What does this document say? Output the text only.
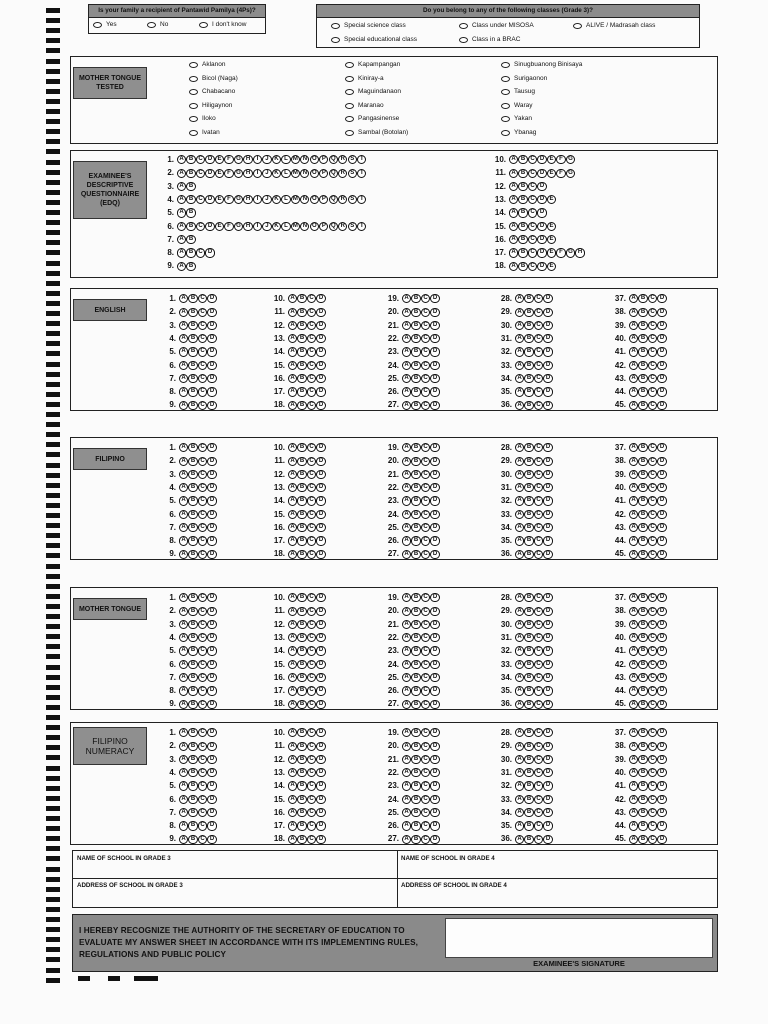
Is your family a recipient of Pantawid Pamilya (4Ps)?
Yes	No	I don't know
Do you belong to any of the following classes (Grade 3)?
Special science class	Class under MISOSA	ALIVE / Madrasah class
Special educational class	Class in a BRAC
MOTHER TONGUE TESTED
Aklanon
Bicol (Naga)
Chabacano
Hiligaynon
Iloko
Ivatan
Kapampangan
Kiniray-a
Maguindanaon
Maranao
Pangasinense
Sambal (Botolan)
Sinugbuanong Binisaya
Surigaonon
Tausug
Waray
Yakan
Ybanag
EXAMINEE'S DESCRIPTIVE QUESTIONNAIRE (EDQ)
1. A B C D E F G H I J K L M N O P Q R S T
2. A B C D E F G H I J K L M N O P Q R S T
3. A B
4. A B C D E F G H I J K L M N O P Q R S T
5. A B
6. A B C D E F G H I J K L M N O P Q R S T
7. A B
8. A B C D
9. A B
10. A B C D E F G
11. A B C D E F G
12. A B C D
13. A B C D E
14. A B C D
15. A B C D E
16. A B C D E
17. A B C D E F G H
18. A B C D E
ENGLISH
1. A B C D
2. A B C D
3. A B C D
4. A B C D
5. A B C D
6. A B C D
7. A B C D
8. A B C D
9. A B C D
10. A B C D
11. A B C D
12. A B C D
13. A B C D
14. A B C D
15. A B C D
16. A B C D
17. A B C D
18. A B C D
19. A B C D
20. A B C D
21. A B C D
22. A B C D
23. A B C D
24. A B C D
25. A B C D
26. A B C D
27. A B C D
28. A B C D
29. A B C D
30. A B C D
31. A B C D
32. A B C D
33. A B C D
34. A B C D
35. A B C D
36. A B C D
37. A B C D
38. A B C D
39. A B C D
40. A B C D
41. A B C D
42. A B C D
43. A B C D
44. A B C D
45. A B C D
FILIPINO
1. A B C D
2. A B C D
3. A B C D
4. A B C D
5. A B C D
6. A B C D
7. A B C D
8. A B C D
9. A B C D
10. A B C D
11. A B C D
12. A B C D
13. A B C D
14. A B C D
15. A B C D
16. A B C D
17. A B C D
18. A B C D
19. A B C D
20. A B C D
21. A B C D
22. A B C D
23. A B C D
24. A B C D
25. A B C D
26. A B C D
27. A B C D
28. A B C D
29. A B C D
30. A B C D
31. A B C D
32. A B C D
33. A B C D
34. A B C D
35. A B C D
36. A B C D
37. A B C D
38. A B C D
39. A B C D
40. A B C D
41. A B C D
42. A B C D
43. A B C D
44. A B C D
45. A B C D
MOTHER TONGUE
1. A B C D
2. A B C D
3. A B C D
4. A B C D
5. A B C D
6. A B C D
7. A B C D
8. A B C D
9. A B C D
10. A B C D
11. A B C D
12. A B C D
13. A B C D
14. A B C D
15. A B C D
16. A B C D
17. A B C D
18. A B C D
19. A B C D
20. A B C D
21. A B C D
22. A B C D
23. A B C D
24. A B C D
25. A B C D
26. A B C D
27. A B C D
28. A B C D
29. A B C D
30. A B C D
31. A B C D
32. A B C D
33. A B C D
34. A B C D
35. A B C D
36. A B C D
37. A B C D
38. A B C D
39. A B C D
40. A B C D
41. A B C D
42. A B C D
43. A B C D
44. A B C D
45. A B C D
FILIPINO NUMERACY
1. A B C D
2. A B C D
3. A B C D
4. A B C D
5. A B C D
6. A B C D
7. A B C D
8. A B C D
9. A B C D
10. A B C D
11. A B C D
12. A B C D
13. A B C D
14. A B C D
15. A B C D
16. A B C D
17. A B C D
18. A B C D
19. A B C D
20. A B C D
21. A B C D
22. A B C D
23. A B C D
24. A B C D
25. A B C D
26. A B C D
27. A B C D
28. A B C D
29. A B C D
30. A B C D
31. A B C D
32. A B C D
33. A B C D
34. A B C D
35. A B C D
36. A B C D
37. A B C D
38. A B C D
39. A B C D
40. A B C D
41. A B C D
42. A B C D
43. A B C D
44. A B C D
45. A B C D
NAME OF SCHOOL IN GRADE 3	NAME OF SCHOOL IN GRADE 4
ADDRESS OF SCHOOL IN GRADE 3	ADDRESS OF SCHOOL IN GRADE 4
I HEREBY RECOGNIZE THE AUTHORITY OF THE SECRETARY OF EDUCATION TO EVALUATE MY ANSWER SHEET IN ACCORDANCE WITH ITS IMPLEMENTING RULES, REGULATIONS AND PUBLIC POLICY
EXAMINEE'S SIGNATURE
